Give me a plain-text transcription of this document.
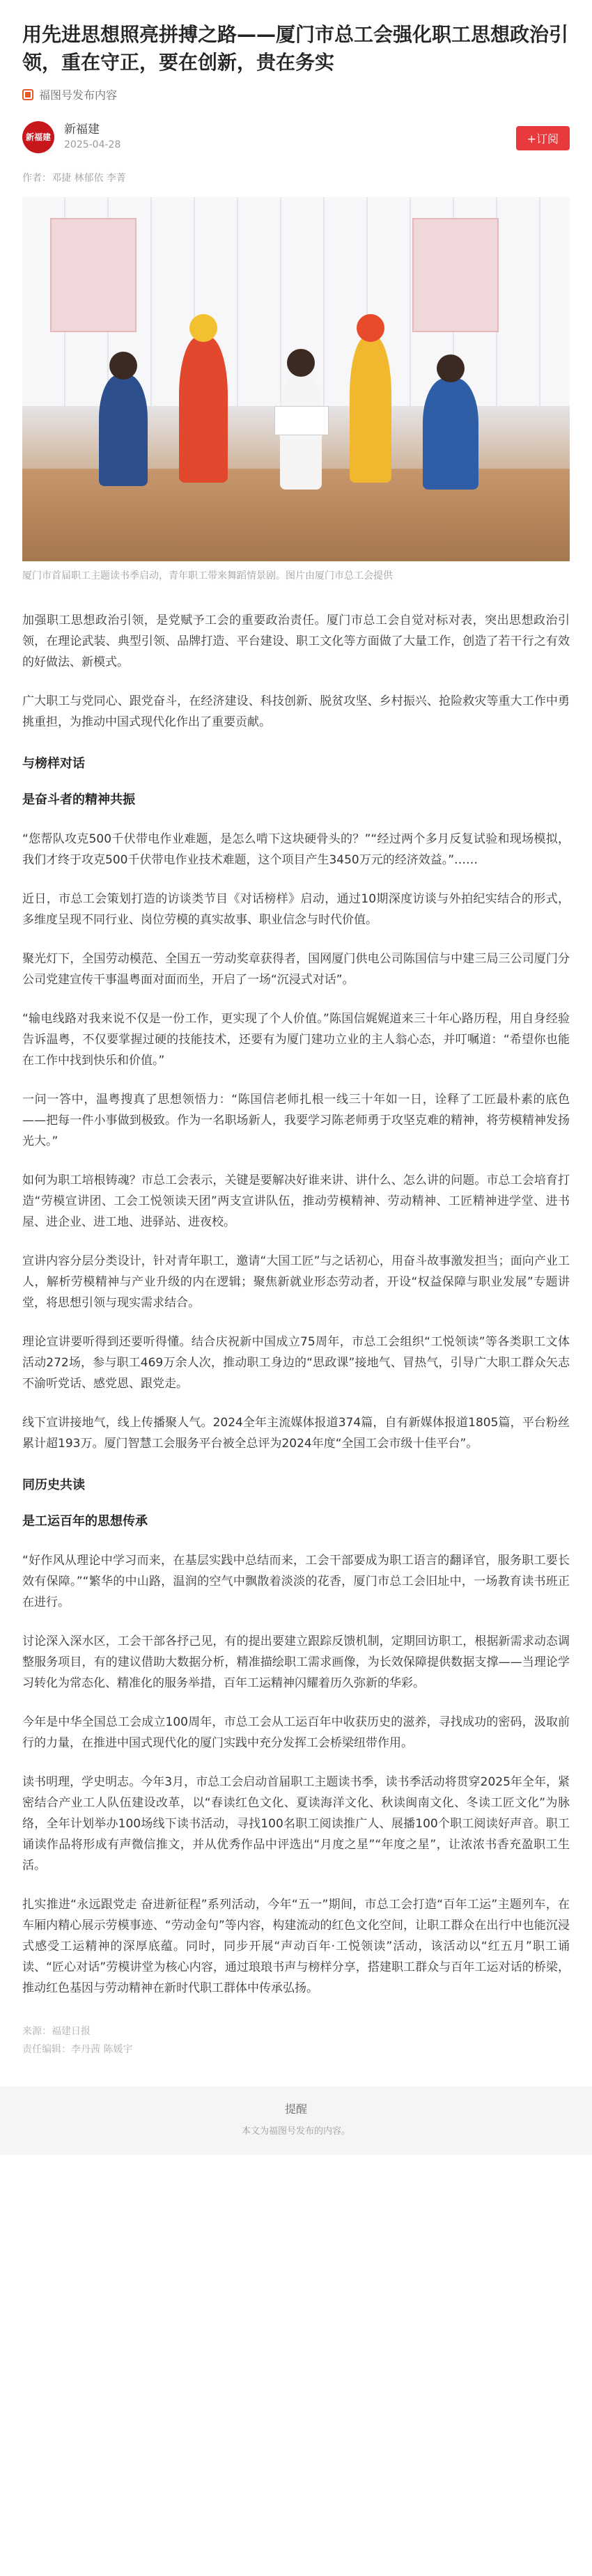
用先进思想照亮拼搏之路——厦门市总工会强化职工思想政治引领，重在守正，要在创新，贵在务实
福图号发布内容
新福建
新福建
2025-04-28	+订阅
作者：邓捷 林郁依 李菁
厦门市首届职工主题读书季启动，青年职工带来舞蹈情景剧。图片由厦门市总工会提供

加强职工思想政治引领，是党赋予工会的重要政治责任。厦门市总工会自觉对标对表，突出思想政治引领，在理论武装、典型引领、品牌打造、平台建设、职工文化等方面做了大量工作，创造了若干行之有效的好做法、新模式。

广大职工与党同心、跟党奋斗，在经济建设、科技创新、脱贫攻坚、乡村振兴、抢险救灾等重大工作中勇挑重担，为推动中国式现代化作出了重要贡献。

与榜样对话
是奋斗者的精神共振

“您帮队攻克500千伏带电作业难题，是怎么啃下这块硬骨头的？”“经过两个多月反复试验和现场模拟，我们才终于攻克500千伏带电作业技术难题，这个项目产生3450万元的经济效益。”……

近日，市总工会策划打造的访谈类节目《对话榜样》启动，通过10期深度访谈与外拍纪实结合的形式，多维度呈现不同行业、岗位劳模的真实故事、职业信念与时代价值。

聚光灯下，全国劳动模范、全国五一劳动奖章获得者，国网厦门供电公司陈国信与中建三局三公司厦门分公司党建宣传干事温粤面对面而坐，开启了一场“沉浸式对话”。

“输电线路对我来说不仅是一份工作，更实现了个人价值。”陈国信娓娓道来三十年心路历程，用自身经验告诉温粤，不仅要掌握过硬的技能技术，还要有为厦门建功立业的主人翁心态，并叮嘱道：“希望你也能在工作中找到快乐和价值。”

一问一答中，温粤搜真了思想领悟力：“陈国信老师扎根一线三十年如一日，诠释了工匠最朴素的底色——把每一件小事做到极致。作为一名职场新人，我要学习陈老师勇于攻坚克难的精神，将劳模精神发扬光大。”

如何为职工培根铸魂？市总工会表示，关键是要解决好谁来讲、讲什么、怎么讲的问题。市总工会培育打造“劳模宣讲团、工会工悦领读天团”两支宣讲队伍，推动劳模精神、劳动精神、工匠精神进学堂、进书屋、进企业、进工地、进驿站、进夜校。

宣讲内容分层分类设计，针对青年职工，邀请“大国工匠”与之话初心，用奋斗故事激发担当；面向产业工人，解析劳模精神与产业升级的内在逻辑；聚焦新就业形态劳动者，开设“权益保障与职业发展”专题讲堂，将思想引领与现实需求结合。

理论宣讲要听得到还要听得懂。结合庆祝新中国成立75周年，市总工会组织“工悦领读”等各类职工文体活动272场，参与职工469万余人次，推动职工身边的“思政课”接地气、冒热气，引导广大职工群众矢志不渝听党话、感党恩、跟党走。

线下宣讲接地气，线上传播聚人气。2024全年主流媒体报道374篇，自有新媒体报道1805篇，平台粉丝累计超193万。厦门智慧工会服务平台被全总评为2024年度“全国工会市级十佳平台”。

同历史共读
是工运百年的思想传承

“好作风从理论中学习而来，在基层实践中总结而来，工会干部要成为职工语言的翻译官，服务职工要长效有保障。”“繁华的中山路，温润的空气中飘散着淡淡的花香，厦门市总工会旧址中，一场教育读书班正在进行。

讨论深入深水区，工会干部各抒己见，有的提出要建立跟踪反馈机制，定期回访职工，根据新需求动态调整服务项目，有的建议借助大数据分析，精准描绘职工需求画像，为长效保障提供数据支撑——当理论学习转化为常态化、精准化的服务举措，百年工运精神闪耀着历久弥新的华彩。

今年是中华全国总工会成立100周年，市总工会从工运百年中收获历史的滋养，寻找成功的密码，汲取前行的力量，在推进中国式现代化的厦门实践中充分发挥工会桥梁纽带作用。

读书明理，学史明志。今年3月，市总工会启动首届职工主题读书季，读书季活动将贯穿2025年全年，紧密结合产业工人队伍建设改革，以“春读红色文化、夏读海洋文化、秋读闽南文化、冬读工匠文化”为脉络，全年计划举办100场线下读书活动，寻找100名职工阅读推广人、展播100个职工阅读好声音。职工诵读作品将形成有声微信推文，并从优秀作品中评选出“月度之星”“年度之星”，让浓浓书香充盈职工生活。

扎实推进“永远跟党走 奋进新征程”系列活动，今年“五一”期间，市总工会打造“百年工运”主题列车，在车厢内精心展示劳模事迹、“劳动金句”等内容，构建流动的红色文化空间，让职工群众在出行中也能沉浸式感受工运精神的深厚底蕴。同时，同步开展“声动百年·工悦领读”活动，该活动以“红五月”职工诵读、“匠心对话”劳模讲堂为核心内容，通过琅琅书声与榜样分享，搭建职工群众与百年工运对话的桥梁，推动红色基因与劳动精神在新时代职工群体中传承弘扬。

来源：福建日报
责任编辑：李丹茜 陈媛宇
提醒
本文为福图号发布的内容。
